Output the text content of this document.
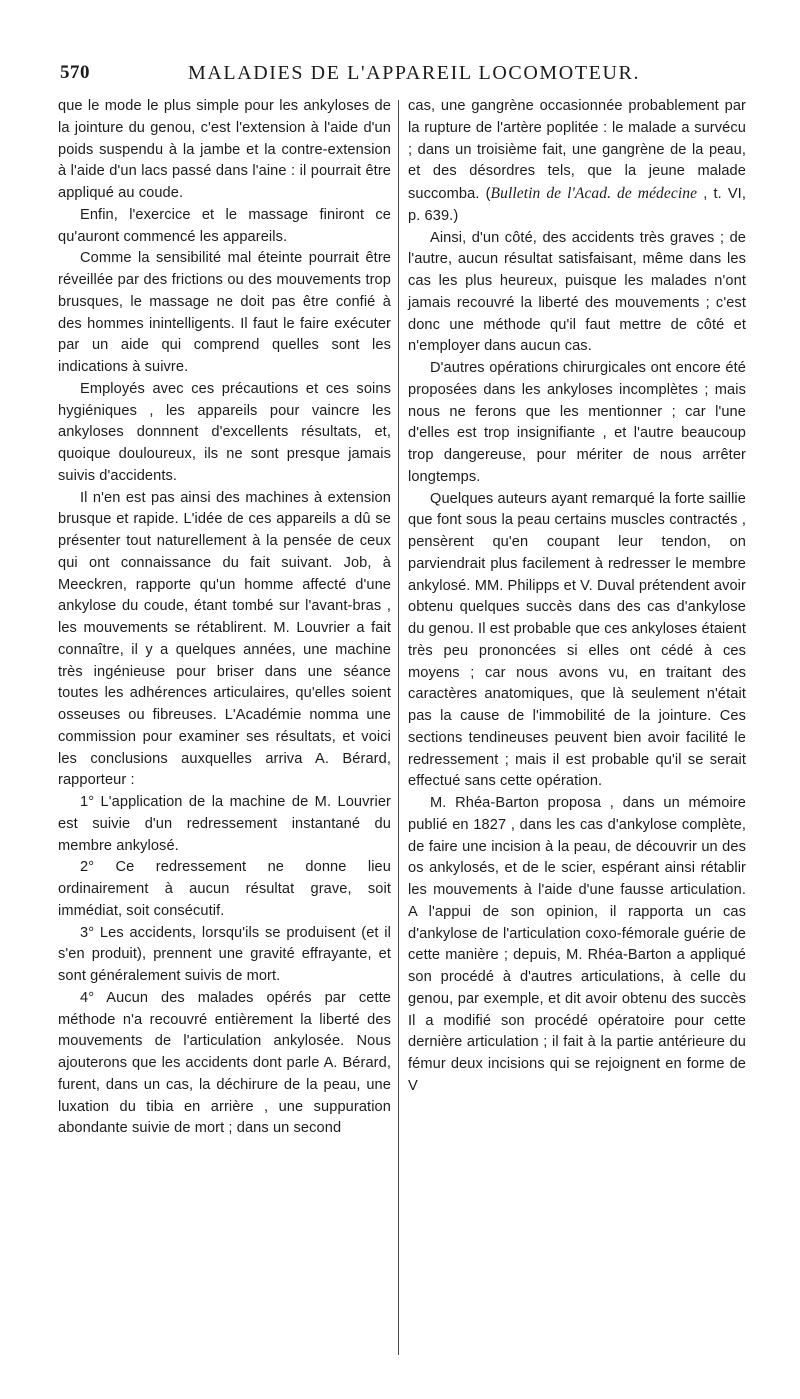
570	MALADIES DE L'APPAREIL LOCOMOTEUR.

que le mode le plus simple pour les ankyloses de la jointure du genou, c'est l'extension à l'aide d'un poids suspendu à la jambe et la contre-extension à l'aide d'un lacs passé dans l'aine : il pourrait être appliqué au coude.

Enfin, l'exercice et le massage finiront ce qu'auront commencé les appareils.

Comme la sensibilité mal éteinte pourrait être réveillée par des frictions ou des mouvements trop brusques, le massage ne doit pas être confié à des hommes inintelligents. Il faut le faire exécuter par un aide qui comprend quelles sont les indications à suivre.

Employés avec ces précautions et ces soins hygiéniques , les appareils pour vaincre les ankyloses donnnent d'excellents résultats, et, quoique douloureux, ils ne sont presque jamais suivis d'accidents.

Il n'en est pas ainsi des machines à extension brusque et rapide. L'idée de ces appareils a dû se présenter tout naturellement à la pensée de ceux qui ont connaissance du fait suivant. Job, à Meeckren, rapporte qu'un homme affecté d'une ankylose du coude, étant tombé sur l'avant-bras , les mouvements se rétablirent. M. Louvrier a fait connaître, il y a quelques années, une machine très ingénieuse pour briser dans une séance toutes les adhérences articulaires, qu'elles soient osseuses ou fibreuses. L'Académie nomma une commission pour examiner ses résultats, et voici les conclusions auxquelles arriva A. Bérard, rapporteur :

1° L'application de la machine de M. Louvrier est suivie d'un redressement instantané du membre ankylosé.

2° Ce redressement ne donne lieu ordinairement à aucun résultat grave, soit immédiat, soit consécutif.

3° Les accidents, lorsqu'ils se produisent (et il s'en produit), prennent une gravité effrayante, et sont généralement suivis de mort.

4° Aucun des malades opérés par cette méthode n'a recouvré entièrement la liberté des mouvements de l'articulation ankylosée. Nous ajouterons que les accidents dont parle A. Bérard, furent, dans un cas, la déchirure de la peau, une luxation du tibia en arrière , une suppuration abondante suivie de mort ; dans un second

cas, une gangrène occasionnée probablement par la rupture de l'artère poplitée : le malade a survécu ; dans un troisième fait, une gangrène de la peau, et des désordres tels, que la jeune malade succomba. (Bulletin de l'Acad. de médecine , t. VI, p. 639.)

Ainsi, d'un côté, des accidents très graves ; de l'autre, aucun résultat satisfaisant, même dans les cas les plus heureux, puisque les malades n'ont jamais recouvré la liberté des mouvements ; c'est donc une méthode qu'il faut mettre de côté et n'employer dans aucun cas.

D'autres opérations chirurgicales ont encore été proposées dans les ankyloses incomplètes ; mais nous ne ferons que les mentionner ; car l'une d'elles est trop insignifiante , et l'autre beaucoup trop dangereuse, pour mériter de nous arrêter longtemps.

Quelques auteurs ayant remarqué la forte saillie que font sous la peau certains muscles contractés , pensèrent qu'en coupant leur tendon, on parviendrait plus facilement à redresser le membre ankylosé. MM. Philipps et V. Duval prétendent avoir obtenu quelques succès dans des cas d'ankylose du genou. Il est probable que ces ankyloses étaient très peu prononcées si elles ont cédé à ces moyens ; car nous avons vu, en traitant des caractères anatomiques, que là seulement n'était pas la cause de l'immobilité de la jointure. Ces sections tendineuses peuvent bien avoir facilité le redressement ; mais il est probable qu'il se serait effectué sans cette opération.

M. Rhéa-Barton proposa , dans un mémoire publié en 1827 , dans les cas d'ankylose complète, de faire une incision à la peau, de découvrir un des os ankylosés, et de le scier, espérant ainsi rétablir les mouvements à l'aide d'une fausse articulation. A l'appui de son opinion, il rapporta un cas d'ankylose de l'articulation coxo-fémorale guérie de cette manière ; depuis, M. Rhéa-Barton a appliqué son procédé à d'autres articulations, à celle du genou, par exemple, et dit avoir obtenu des succès Il a modifié son procédé opératoire pour cette dernière articulation ; il fait à la partie antérieure du fémur deux incisions qui se rejoignent en forme de V
